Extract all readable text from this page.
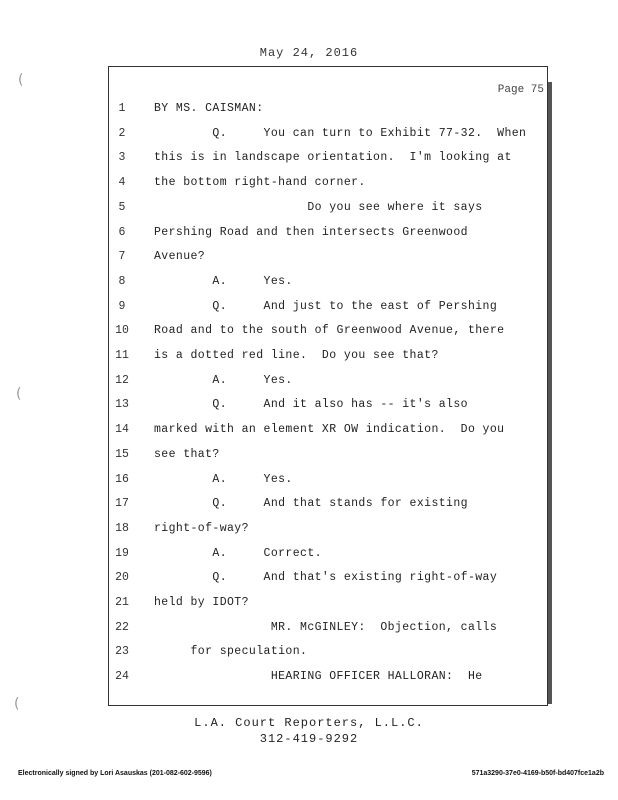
May 24, 2016
Page 75
1	BY MS. CAISMAN:
2	Q.     You can turn to Exhibit 77-32.  When
3	this is in landscape orientation.  I'm looking at
4	the bottom right-hand corner.
5	Do you see where it says
6	Pershing Road and then intersects Greenwood
7	Avenue?
8	A.     Yes.
9	Q.     And just to the east of Pershing
10	Road and to the south of Greenwood Avenue, there
11	is a dotted red line.  Do you see that?
12	A.     Yes.
13	Q.     And it also has -- it's also
14	marked with an element XR OW indication.  Do you
15	see that?
16	A.     Yes.
17	Q.     And that stands for existing
18	right-of-way?
19	A.     Correct.
20	Q.     And that's existing right-of-way
21	held by IDOT?
22	MR. McGINLEY:  Objection, calls
23	for speculation.
24	HEARING OFFICER HALLORAN:  He
L.A. Court Reporters, L.L.C.
312-419-9292
Electronically signed by Lori Asauskas (201-082-602-9596)	571a3290-37e0-4169-b50f-bd407fce1a2b
(
(
(
